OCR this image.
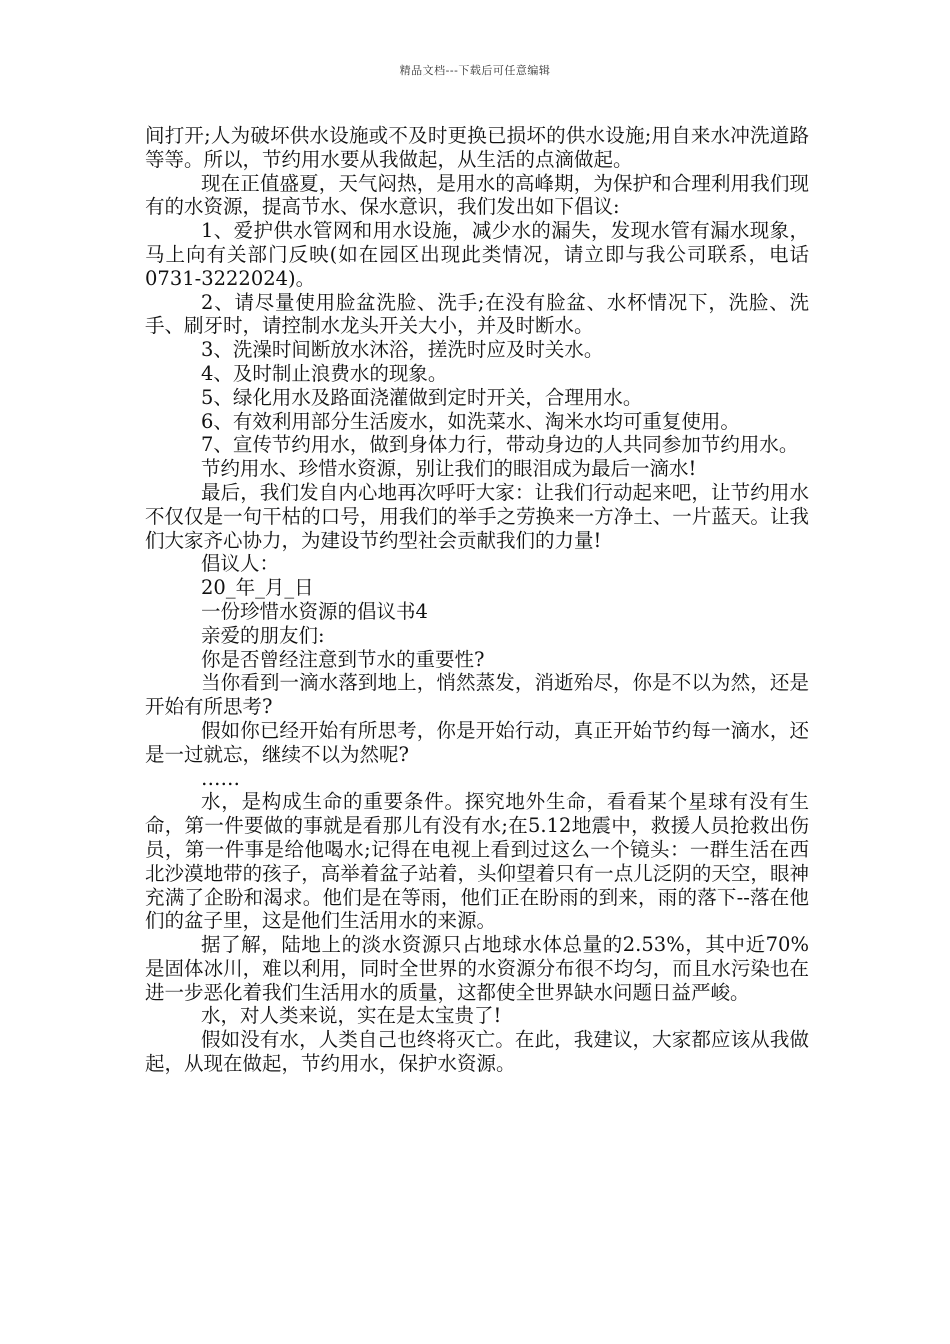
精品文档---下载后可任意编辑

间打开;人为破坏供水设施或不及时更换已损坏的供水设施;用自来水冲洗道路等等。所以，节约用水要从我做起，从生活的点滴做起。

现在正值盛夏，天气闷热，是用水的高峰期，为保护和合理利用我们现有的水资源，提高节水、保水意识，我们发出如下倡议:

1、爱护供水管网和用水设施，减少水的漏失，发现水管有漏水现象，马上向有关部门反映(如在园区出现此类情况，请立即与我公司联系，电话0731-3222024)。

2、请尽量使用脸盆洗脸、洗手;在没有脸盆、水杯情况下，洗脸、洗手、刷牙时，请控制水龙头开关大小，并及时断水。

3、洗澡时间断放水沐浴，搓洗时应及时关水。

4、及时制止浪费水的现象。

5、绿化用水及路面浇灌做到定时开关，合理用水。

6、有效利用部分生活废水，如洗菜水、淘米水均可重复使用。

7、宣传节约用水，做到身体力行，带动身边的人共同参加节约用水。

节约用水、珍惜水资源，别让我们的眼泪成为最后一滴水!

最后，我们发自内心地再次呼吁大家：让我们行动起来吧，让节约用水不仅仅是一句干枯的口号，用我们的举手之劳换来一方净土、一片蓝天。让我们大家齐心协力，为建设节约型社会贡献我们的力量!

倡议人：

20_年_月_日

一份珍惜水资源的倡议书4

亲爱的朋友们:

你是否曾经注意到节水的重要性?

当你看到一滴水落到地上，悄然蒸发，消逝殆尽，你是不以为然，还是开始有所思考?

假如你已经开始有所思考，你是开始行动，真正开始节约每一滴水，还是一过就忘，继续不以为然呢?

……

水，是构成生命的重要条件。探究地外生命，看看某个星球有没有生命，第一件要做的事就是看那儿有没有水;在5.12地震中，救援人员抢救出伤员，第一件事是给他喝水;记得在电视上看到过这么一个镜头：一群生活在西北沙漠地带的孩子，高举着盆子站着，头仰望着只有一点儿泛阴的天空，眼神充满了企盼和渴求。他们是在等雨，他们正在盼雨的到来，雨的落下--落在他们的盆子里，这是他们生活用水的来源。

据了解，陆地上的淡水资源只占地球水体总量的2.53%，其中近70%是固体冰川，难以利用，同时全世界的水资源分布很不均匀，而且水污染也在进一步恶化着我们生活用水的质量，这都使全世界缺水问题日益严峻。

水，对人类来说，实在是太宝贵了!

假如没有水，人类自己也终将灭亡。在此，我建议，大家都应该从我做起，从现在做起，节约用水，保护水资源。
